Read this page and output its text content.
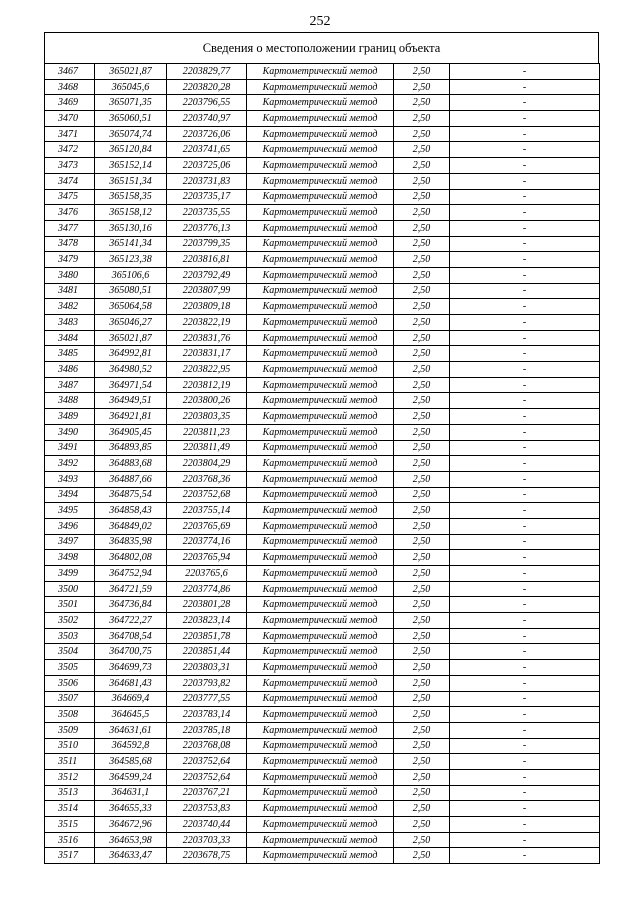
252
Сведения о местоположении границ объекта
3467	365021,87	2203829,77	Картометрический метод	2,50	-
3468	365045,6	2203820,28	Картометрический метод	2,50	-
3469	365071,35	2203796,55	Картометрический метод	2,50	-
3470	365060,51	2203740,97	Картометрический метод	2,50	-
3471	365074,74	2203726,06	Картометрический метод	2,50	-
3472	365120,84	2203741,65	Картометрический метод	2,50	-
3473	365152,14	2203725,06	Картометрический метод	2,50	-
3474	365151,34	2203731,83	Картометрический метод	2,50	-
3475	365158,35	2203735,17	Картометрический метод	2,50	-
3476	365158,12	2203735,55	Картометрический метод	2,50	-
3477	365130,16	2203776,13	Картометрический метод	2,50	-
3478	365141,34	2203799,35	Картометрический метод	2,50	-
3479	365123,38	2203816,81	Картометрический метод	2,50	-
3480	365106,6	2203792,49	Картометрический метод	2,50	-
3481	365080,51	2203807,99	Картометрический метод	2,50	-
3482	365064,58	2203809,18	Картометрический метод	2,50	-
3483	365046,27	2203822,19	Картометрический метод	2,50	-
3484	365021,87	2203831,76	Картометрический метод	2,50	-
3485	364992,81	2203831,17	Картометрический метод	2,50	-
3486	364980,52	2203822,95	Картометрический метод	2,50	-
3487	364971,54	2203812,19	Картометрический метод	2,50	-
3488	364949,51	2203800,26	Картометрический метод	2,50	-
3489	364921,81	2203803,35	Картометрический метод	2,50	-
3490	364905,45	2203811,23	Картометрический метод	2,50	-
3491	364893,85	2203811,49	Картометрический метод	2,50	-
3492	364883,68	2203804,29	Картометрический метод	2,50	-
3493	364887,66	2203768,36	Картометрический метод	2,50	-
3494	364875,54	2203752,68	Картометрический метод	2,50	-
3495	364858,43	2203755,14	Картометрический метод	2,50	-
3496	364849,02	2203765,69	Картометрический метод	2,50	-
3497	364835,98	2203774,16	Картометрический метод	2,50	-
3498	364802,08	2203765,94	Картометрический метод	2,50	-
3499	364752,94	2203765,6	Картометрический метод	2,50	-
3500	364721,59	2203774,86	Картометрический метод	2,50	-
3501	364736,84	2203801,28	Картометрический метод	2,50	-
3502	364722,27	2203823,14	Картометрический метод	2,50	-
3503	364708,54	2203851,78	Картометрический метод	2,50	-
3504	364700,75	2203851,44	Картометрический метод	2,50	-
3505	364699,73	2203803,31	Картометрический метод	2,50	-
3506	364681,43	2203793,82	Картометрический метод	2,50	-
3507	364669,4	2203777,55	Картометрический метод	2,50	-
3508	364645,5	2203783,14	Картометрический метод	2,50	-
3509	364631,61	2203785,18	Картометрический метод	2,50	-
3510	364592,8	2203768,08	Картометрический метод	2,50	-
3511	364585,68	2203752,64	Картометрический метод	2,50	-
3512	364599,24	2203752,64	Картометрический метод	2,50	-
3513	364631,1	2203767,21	Картометрический метод	2,50	-
3514	364655,33	2203753,83	Картометрический метод	2,50	-
3515	364672,96	2203740,44	Картометрический метод	2,50	-
3516	364653,98	2203703,33	Картометрический метод	2,50	-
3517	364633,47	2203678,75	Картометрический метод	2,50	-
